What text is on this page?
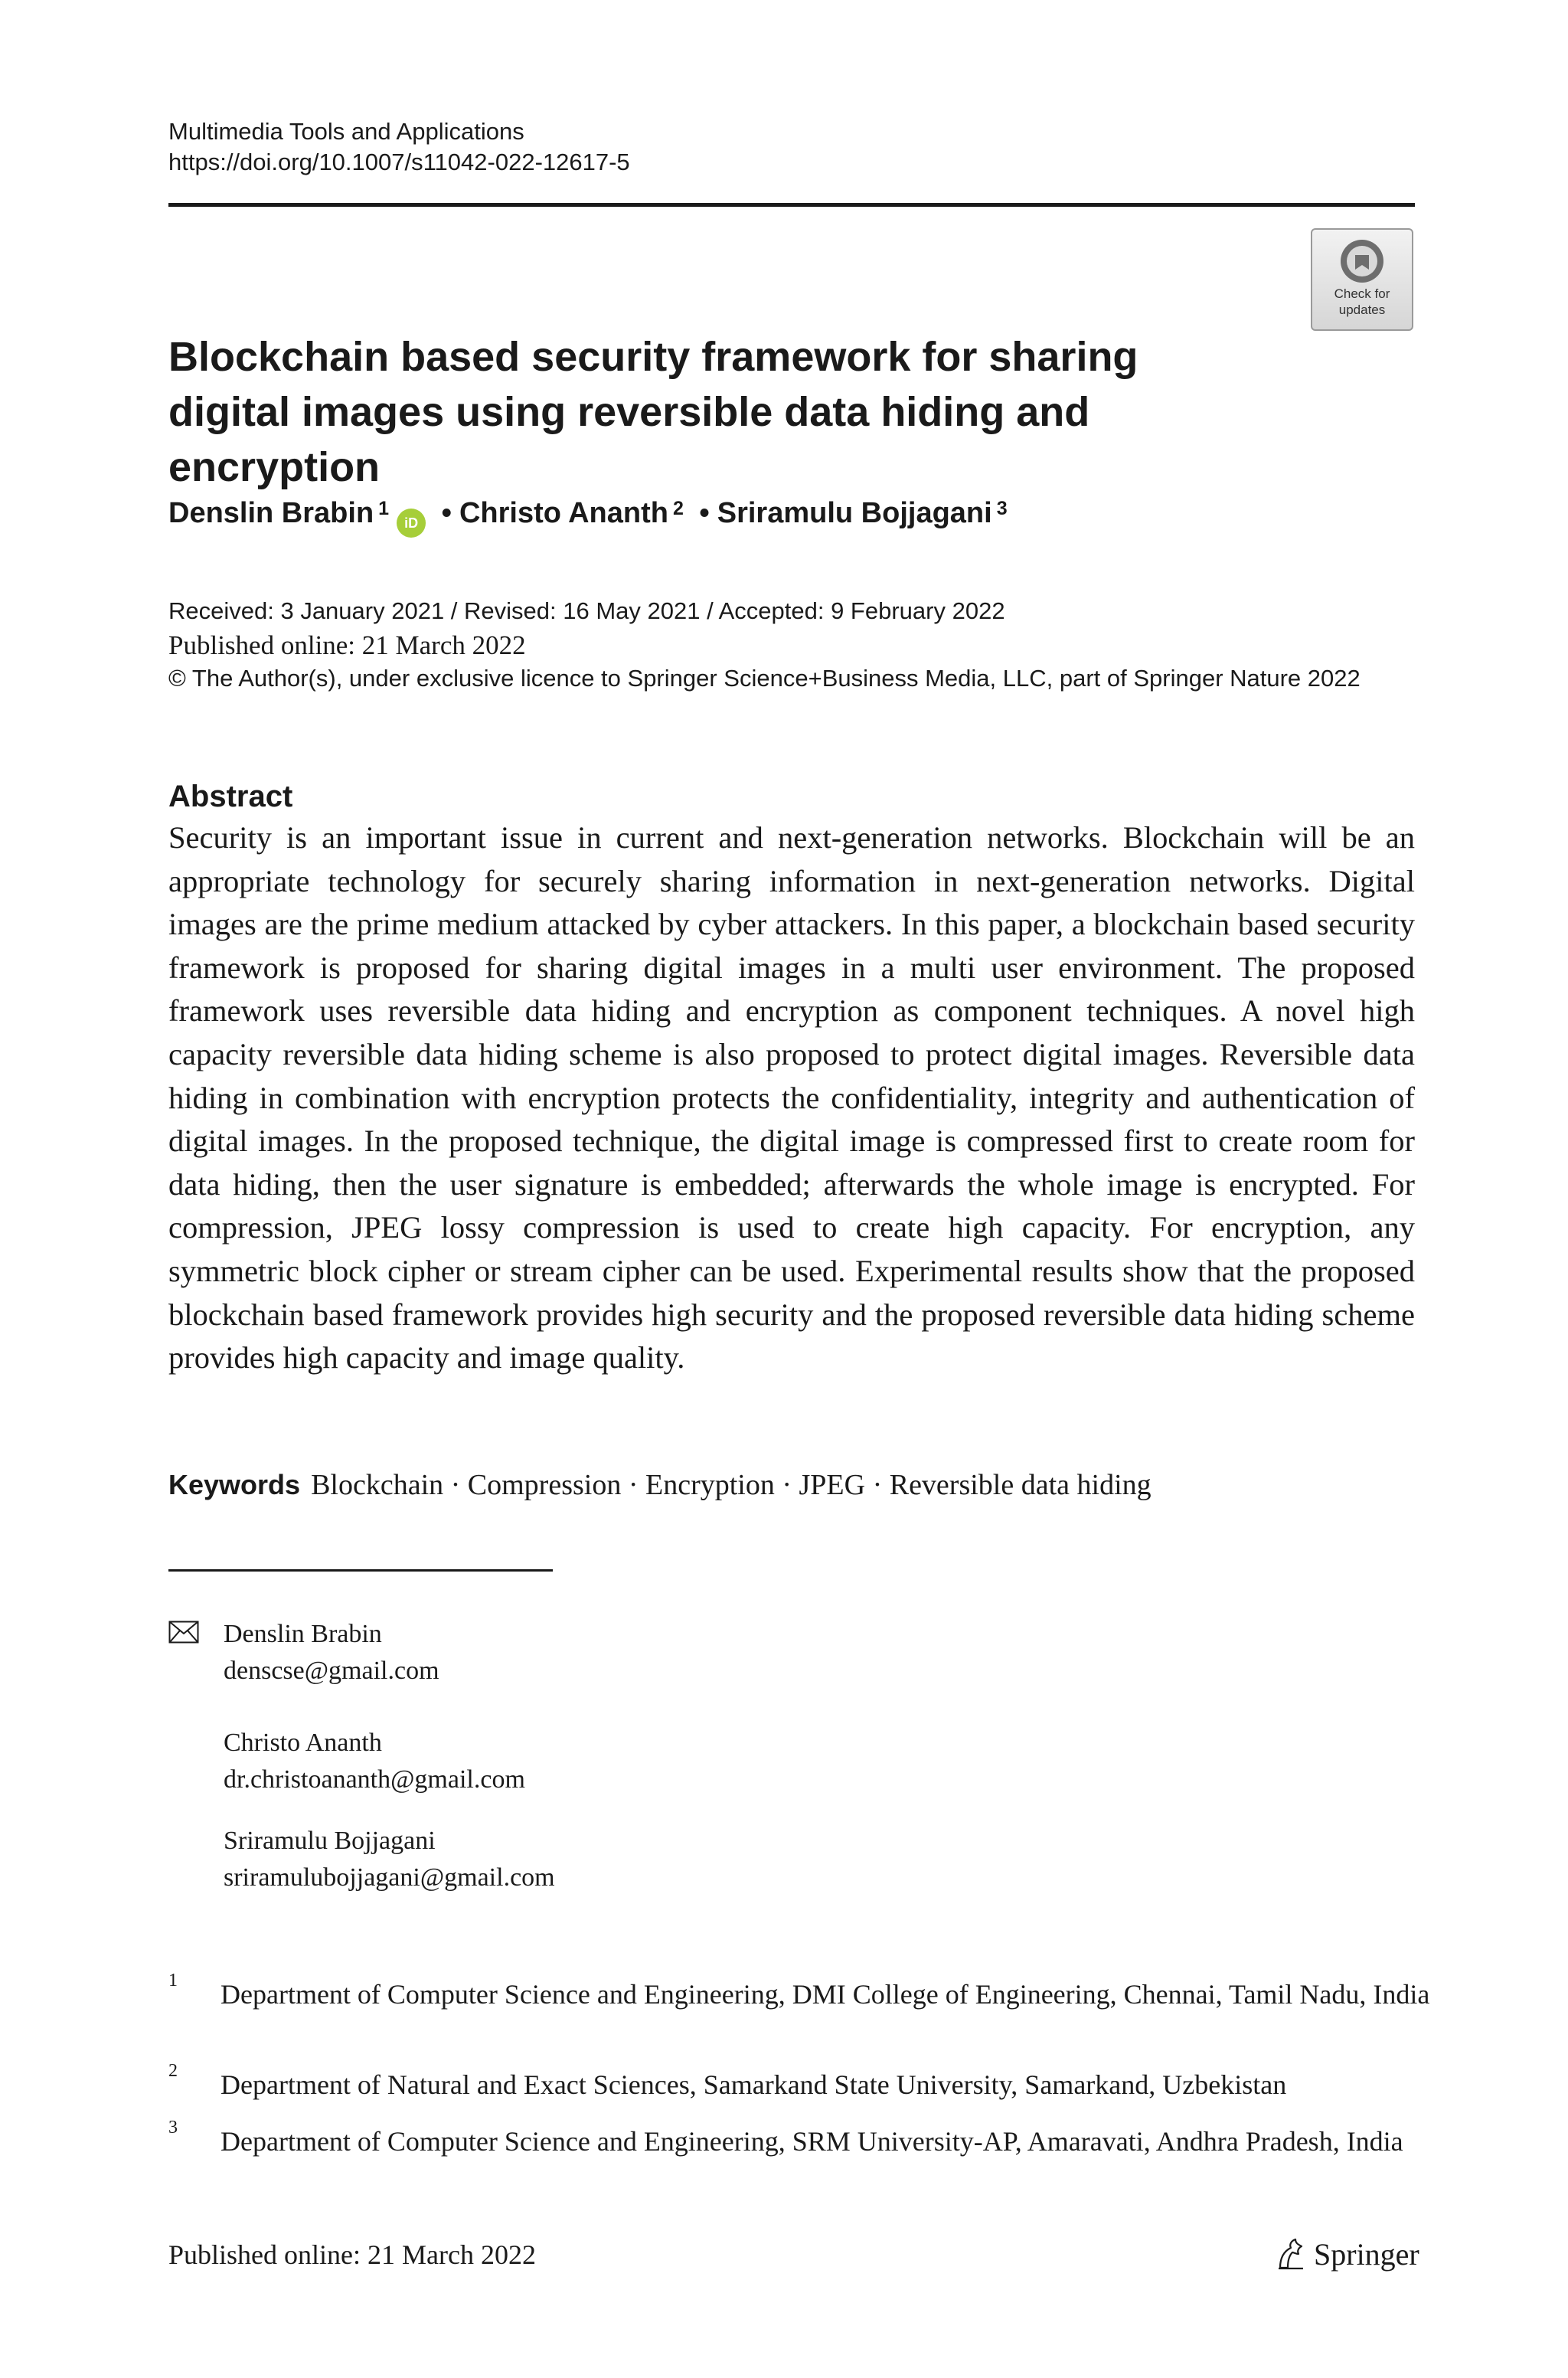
Multimedia Tools and Applications
https://doi.org/10.1007/s11042-022-12617-5
Check for
updates
Blockchain based security framework for sharing digital images using reversible data hiding and encryption
Denslin Brabin $^1$iD • Christo Ananth $^2$ • Sriramulu Bojjagani $^3$
Received: 3 January 2021 / Revised: 16 May 2021 / Accepted: 9 February 2022
Published online: 21 March 2022
© The Author(s), under exclusive licence to Springer Science+Business Media, LLC, part of Springer Nature 2022
Abstract
Security is an important issue in current and next-generation networks. Blockchain will be an appropriate technology for securely sharing information in next-generation networks. Digital images are the prime medium attacked by cyber attackers. In this paper, a blockchain based security framework is proposed for sharing digital images in a multi user environment. The proposed framework uses reversible data hiding and encryption as component techniques. A novel high capacity reversible data hiding scheme is also proposed to protect digital images. Reversible data hiding in combination with encryption protects the confidentiality, integrity and authentication of digital images. In the proposed technique, the digital image is compressed first to create room for data hiding, then the user signature is embedded; afterwards the whole image is encrypted. For compression, JPEG lossy compression is used to create high capacity. For encryption, any symmetric block cipher or stream cipher can be used. Experimental results show that the proposed blockchain based framework provides high security and the proposed reversible data hiding scheme provides high capacity and image quality.
Keywords Blockchain · Compression · Encryption · JPEG · Reversible data hiding
Denslin Brabin
denscse@gmail.com
Christo Ananth
dr.christoananth@gmail.com
Sriramulu Bojjagani
sriramulubojjagani@gmail.com
1 Department of Computer Science and Engineering, DMI College of Engineering, Chennai, Tamil Nadu, India
2 Department of Natural and Exact Sciences, Samarkand State University, Samarkand, Uzbekistan
3 Department of Computer Science and Engineering, SRM University-AP, Amaravati, Andhra Pradesh, India
Published online: 21 March 2022	Springer
